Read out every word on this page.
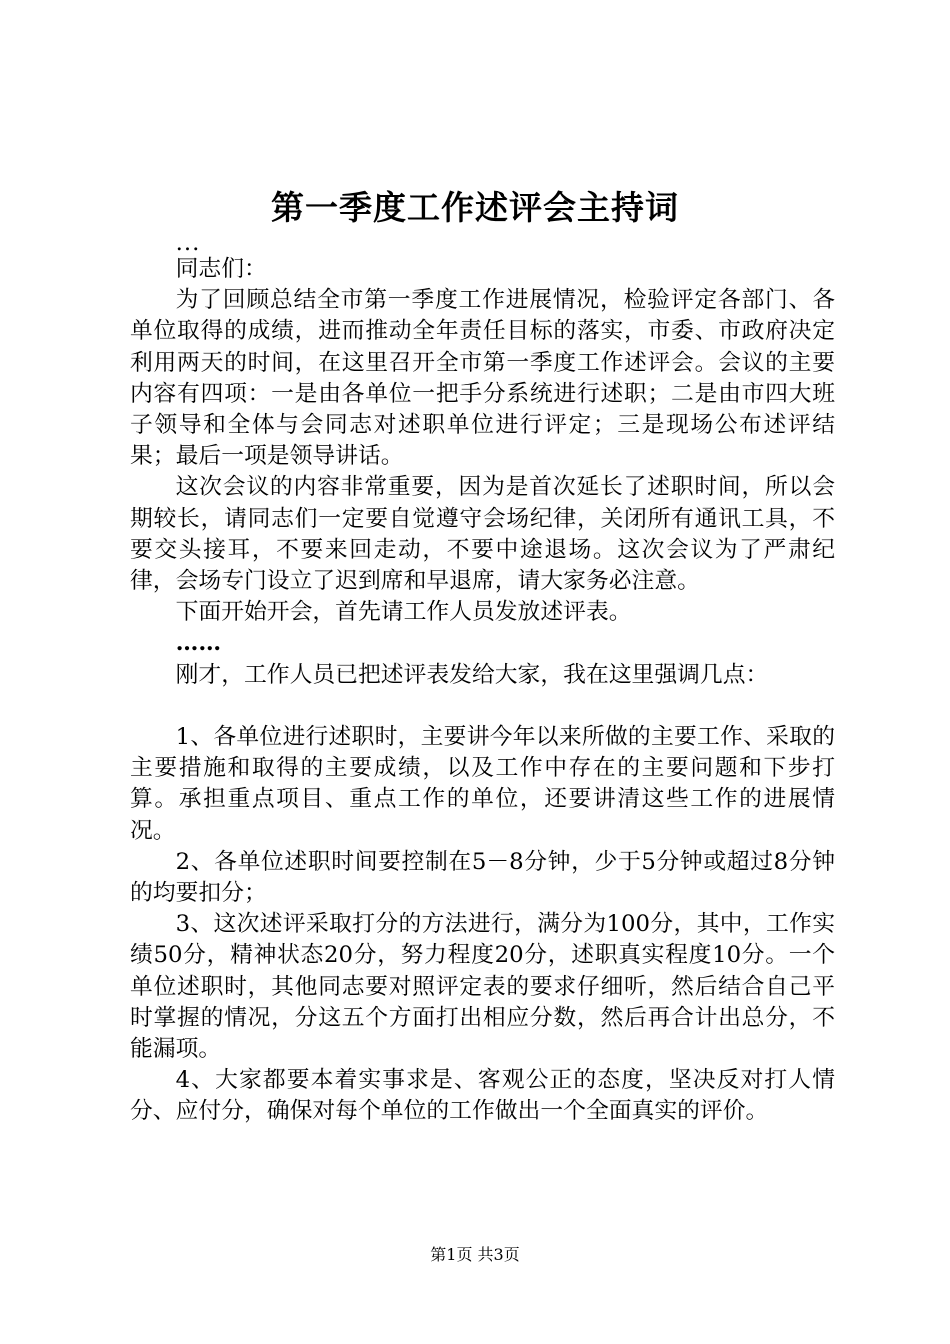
第一季度工作述评会主持词

...

同志们：

为了回顾总结全市第一季度工作进展情况，检验评定各部门、各单位取得的成绩，进而推动全年责任目标的落实，市委、市政府决定利用两天的时间，在这里召开全市第一季度工作述评会。会议的主要内容有四项：一是由各单位一把手分系统进行述职；二是由市四大班子领导和全体与会同志对述职单位进行评定；三是现场公布述评结果；最后一项是领导讲话。

这次会议的内容非常重要，因为是首次延长了述职时间，所以会期较长，请同志们一定要自觉遵守会场纪律，关闭所有通讯工具，不要交头接耳，不要来回走动，不要中途退场。这次会议为了严肃纪律，会场专门设立了迟到席和早退席，请大家务必注意。

下面开始开会，首先请工作人员发放述评表。

……

刚才，工作人员已把述评表发给大家，我在这里强调几点：

1、各单位进行述职时，主要讲今年以来所做的主要工作、采取的主要措施和取得的主要成绩，以及工作中存在的主要问题和下步打算。承担重点项目、重点工作的单位，还要讲清这些工作的进展情况。

2、各单位述职时间要控制在5－8分钟，少于5分钟或超过8分钟的均要扣分；

3、这次述评采取打分的方法进行，满分为100分，其中，工作实绩50分，精神状态20分，努力程度20分，述职真实程度10分。一个单位述职时，其他同志要对照评定表的要求仔细听，然后结合自己平时掌握的情况，分这五个方面打出相应分数，然后再合计出总分，不能漏项。

4、大家都要本着实事求是、客观公正的态度，坚决反对打人情分、应付分，确保对每个单位的工作做出一个全面真实的评价。

第1页 共3页
